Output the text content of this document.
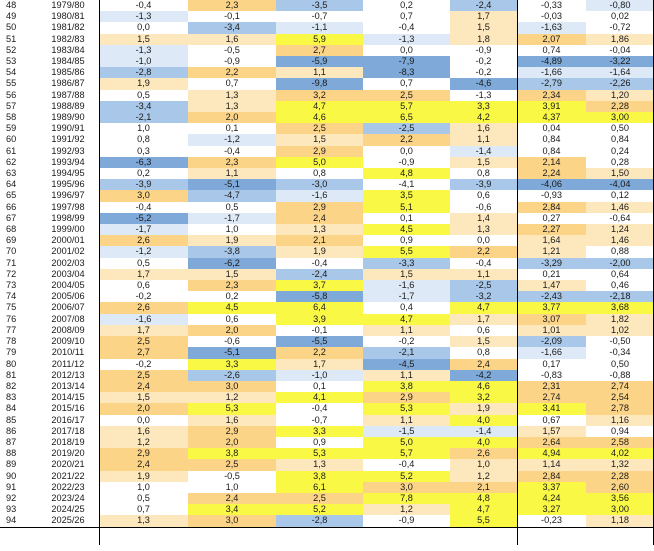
48	1979/80	-0,4	2,3	-3,5	0,2	-2,4	-0,33	-0,80
49	1980/81	-1,3	-0,1	-0,7	0,7	1,7	-0,03	0,02
50	1981/82	0,0	-3,4	-1,1	-0,4	1,5	-1,63	-0,72
51	1982/83	1,5	1,6	5,9	-1,3	1,8	2,07	1,86
52	1983/84	-1,3	-0,5	2,7	0,0	-0,9	0,74	-0,04
53	1984/85	-1,0	-0,9	-5,9	-7,9	-0,2	-4,89	-3,22
54	1985/86	-2,8	2,2	1,1	-8,3	-0,2	-1,66	-1,64
55	1986/87	1,9	0,7	-9,8	0,7	-4,6	-2,79	-2,26
56	1987/88	0,5	1,3	3,2	2,5	-1,3	2,34	1,20
57	1988/89	-3,4	1,3	4,7	5,7	3,3	3,91	2,28
58	1989/90	-2,1	2,0	4,6	6,5	4,2	4,37	3,00
59	1990/91	1,0	0,1	2,5	-2,5	1,6	0,04	0,50
60	1991/92	0,8	-1,2	1,5	2,2	1,1	0,84	0,84
61	1992/93	0,3	-0,4	2,9	0,0	-1,4	0,84	0,24
62	1993/94	-6,3	2,3	5,0	-0,9	1,5	2,14	0,28
63	1994/95	0,2	1,1	0,8	4,8	0,8	2,24	1,50
64	1995/96	-3,9	-5,1	-3,0	-4,1	-3,9	-4,06	-4,04
65	1996/97	3,0	-4,7	-1,6	3,5	0,6	-0,93	0,12
66	1997/98	-0,4	0,5	2,9	5,1	-0,6	2,84	1,46
67	1998/99	-5,2	-1,7	2,4	0,1	1,4	0,27	-0,64
68	1999/00	-1,7	1,0	1,3	4,5	1,3	2,27	1,24
69	2000/01	2,6	1,9	2,1	0,9	0,0	1,64	1,46
70	2001/02	-1,2	-3,8	1,9	5,5	2,2	1,21	0,88
71	2002/03	0,5	-6,2	-0,4	-3,3	-0,4	-3,29	-2,00
72	2003/04	1,7	1,5	-2,4	1,5	1,1	0,21	0,64
73	2004/05	0,6	2,3	3,7	-1,6	-2,5	1,47	0,46
74	2005/06	-0,2	0,2	-5,8	-1,7	-3,2	-2,43	-2,18
75	2006/07	2,6	4,5	6,4	0,4	4,7	3,77	3,68
76	2007/08	-1,6	0,6	3,9	4,7	1,7	3,07	1,82
77	2008/09	1,7	2,0	-0,1	1,1	0,6	1,01	1,02
78	2009/10	2,5	-0,6	-5,5	-0,2	1,5	-2,09	-0,50
79	2010/11	2,7	-5,1	2,2	-2,1	0,8	-1,66	-0,34
80	2011/12	-0,2	3,3	1,7	-4,5	2,4	0,17	0,50
81	2012/13	2,5	-2,6	-1,0	1,1	-4,2	-0,83	-0,88
82	2013/14	2,4	3,0	0,1	3,8	4,6	2,31	2,74
83	2014/15	1,5	1,2	4,1	2,9	3,2	2,74	2,54
84	2015/16	2,0	5,3	-0,4	5,3	1,9	3,41	2,78
85	2016/17	0,0	1,6	-0,7	1,1	4,0	0,67	1,16
86	2017/18	1,6	2,9	3,3	-1,5	-1,4	1,57	0,94
87	2018/19	1,2	2,0	0,9	5,0	4,0	2,64	2,58
88	2019/20	2,9	3,8	5,3	5,7	2,6	4,94	4,02
89	2020/21	2,4	2,5	1,3	-0,4	1,0	1,14	1,32
90	2021/22	1,9	-0,5	3,8	5,2	1,2	2,84	2,28
91	2022/23	1,0	1,0	6,1	3,0	2,1	3,37	2,60
92	2023/24	0,5	2,4	2,5	7,8	4,8	4,24	3,56
93	2024/25	0,7	3,4	5,2	1,2	4,7	3,27	3,00
94	2025/26	1,3	3,0	-2,8	-0,9	5,5	-0,23	1,18
